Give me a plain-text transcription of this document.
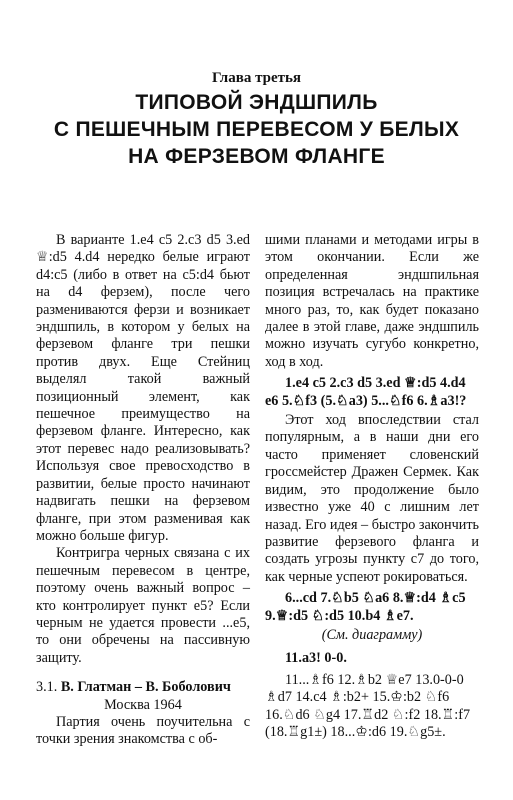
Глава третья
ТИПОВОЙ ЭНДШПИЛЬ
С ПЕШЕЧНЫМ ПЕРЕВЕСОМ У БЕЛЫХ
НА ФЕРЗЕВОМ ФЛАНГЕ

В варианте 1.e4 c5 2.c3 d5 3.ed ♕:d5 4.d4 нередко белые играют d4:c5 (либо в ответ на c5:d4 бьют на d4 ферзем), после чего размениваются ферзи и возникает эндшпиль, в котором у белых на ферзевом фланге три пешки против двух. Еще Стейниц выделял такой важный позиционный элемент, как пешечное преимущество на ферзевом фланге. Интересно, как этот перевес надо реализовывать? Используя свое превосходство в развитии, белые просто начинают надвигать пешки на ферзевом фланге, при этом разменивая как можно больше фигур.

Контригра черных связана с их пешечным перевесом в центре, поэтому очень важный вопрос – кто контролирует пункт e5? Если черным не удается провести ...e5, то они обречены на пассивную защиту.

3.1. В. Глатман – В. Боболович

Москва 1964

Партия очень поучительна с точки зрения знакомства с об-

шими планами и методами игры в этом окончании. Если же определенная эндшпильная позиция встречалась на практике много раз, то, как будет показано далее в этой главе, даже эндшпиль можно изучать сугубо конкретно, ход в ход.

1.e4 c5 2.c3 d5 3.ed ♕:d5 4.d4 e6 5.♘f3 (5.♘a3) 5...♘f6 6.♗a3!?

Этот ход впоследствии стал популярным, а в наши дни его часто применяет словенский гроссмейстер Дражен Сермек. Как видим, это продолжение было известно уже 40 с лишним лет назад. Его идея – быстро закончить развитие ферзевого фланга и создать угрозы пункту c7 до того, как черные успеют рокироваться.

6...cd 7.♘b5 ♘a6 8.♕:d4 ♗c5 9.♕:d5 ♘:d5 10.b4 ♗e7.

(См. диаграмму)

11.a3! 0-0.

11...♗f6 12.♗b2 ♕e7 13.0-0-0 ♗d7 14.c4 ♗:b2+ 15.♔:b2 ♘f6 16.♘d6 ♘g4 17.♖d2 ♘:f2 18.♖:f7 (18.♖g1±) 18...♔:d6 19.♘g5±.
